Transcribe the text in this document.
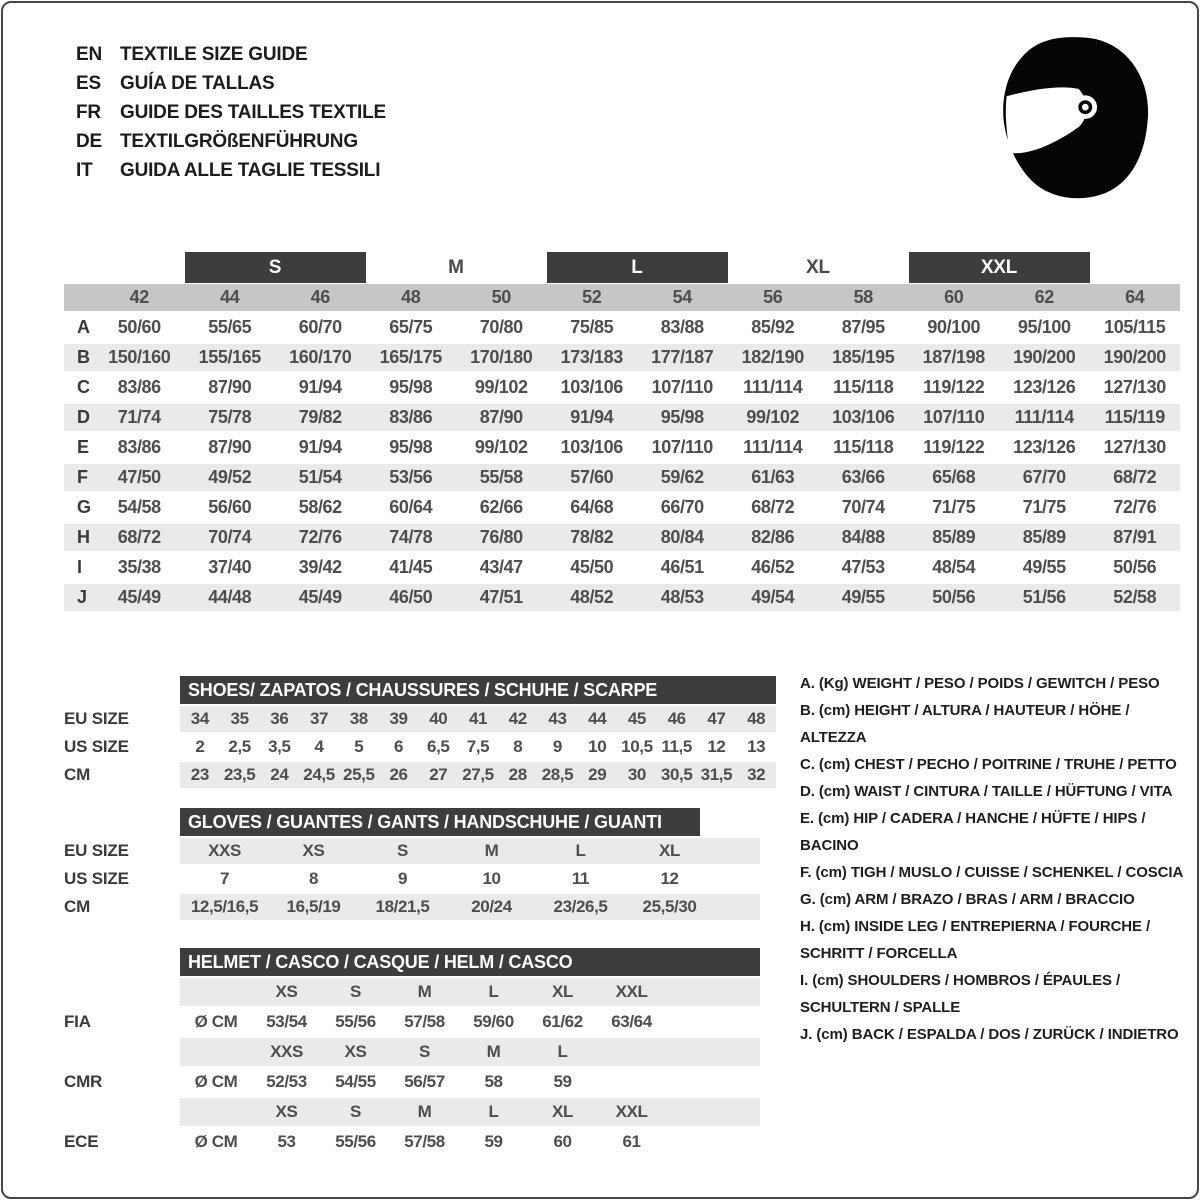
EN TEXTILE SIZE GUIDE
ES	GUÍA DE TALLAS
FR	GUIDE DES TAILLES TEXTILE
DE TEXTILGRÖßENFÜHRUNG
IT	GUIDA ALLE TAGLIE TESSILI
S	M	L	XL	XXL
42	44	46	48	50	52	54	56	58	60	62	64
A	50/60	55/65	60/70	65/75	70/80	75/85	83/88	85/92	87/95	90/100	95/100	105/115
B	150/160	155/165	160/170	165/175	170/180	173/183	177/187	182/190	185/195	187/198	190/200	190/200
C	83/86	87/90	91/94	95/98	99/102	103/106	107/110	111/114	115/118	119/122	123/126	127/130
D	71/74	75/78	79/82	83/86	87/90	91/94	95/98	99/102	103/106	107/110	111/114	115/119
E	83/86	87/90	91/94	95/98	99/102	103/106	107/110	111/114	115/118	119/122	123/126	127/130
F	47/50	49/52	51/54	53/56	55/58	57/60	59/62	61/63	63/66	65/68	67/70	68/72
G	54/58	56/60	58/62	60/64	62/66	64/68	66/70	68/72	70/74	71/75	71/75	72/76
H	68/72	70/74	72/76	74/78	76/80	78/82	80/84	82/86	84/88	85/89	85/89	87/91
I	35/38	37/40	39/42	41/45	43/47	45/50	46/51	46/52	47/53	48/54	49/55	50/56
J	45/49	44/48	45/49	46/50	47/51	48/52	48/53	49/54	49/55	50/56	51/56	52/58
SHOES/ ZAPATOS / CHAUSSURES / SCHUHE / SCARPE
EU SIZE	34	35	36	37	38	39	40	41	42	43	44	45	46	47	48
US SIZE	2	2,5	3,5	4	5	6	6,5	7,5	8	9	10 10,5 11,5 12	13
CM	23 23,5 24 24,5 25,5 26	27 27,5 28 28,5 29	30 30,5 31,5 32
GLOVES / GUANTES / GANTS / HANDSCHUHE / GUANTI
EU SIZE	XXS	XS	S	M	L	XL
US SIZE	7	8	9	10	11	12
CM	12,5/16,5	16,5/19	18/21,5	20/24	23/26,5	25,5/30
HELMET / CASCO / CASQUE / HELM / CASCO
XS	S	M	L	XL	XXL
FIA	Ø CM	53/54	55/56	57/58	59/60	61/62	63/64
XXS	XS	S	M	L
CMR	Ø CM	52/53	54/55	56/57	58	59
XS	S	M	L	XL	XXL
ECE	Ø CM	53	55/56	57/58	59	60	61
A. (Kg) WEIGHT / PESO / POIDS / GEWITCH / PESO
B. (cm) HEIGHT / ALTURA / HAUTEUR / HÖHE / ALTEZZA
C. (cm) CHEST / PECHO / POITRINE / TRUHE / PETTO
D. (cm) WAIST / CINTURA / TAILLE / HÜFTUNG / VITA
E. (cm) HIP / CADERA / HANCHE / HÜFTE / HIPS / BACINO
F. (cm) TIGH / MUSLO / CUISSE / SCHENKEL / COSCIA
G. (cm) ARM / BRAZO / BRAS / ARM / BRACCIO
H. (cm) INSIDE LEG / ENTREPIERNA / FOURCHE /
SCHRITT / FORCELLA
I. (cm) SHOULDERS / HOMBROS / ÉPAULES /
SCHULTERN / SPALLE
J. (cm) BACK / ESPALDA / DOS / ZURÜCK / INDIETRO
